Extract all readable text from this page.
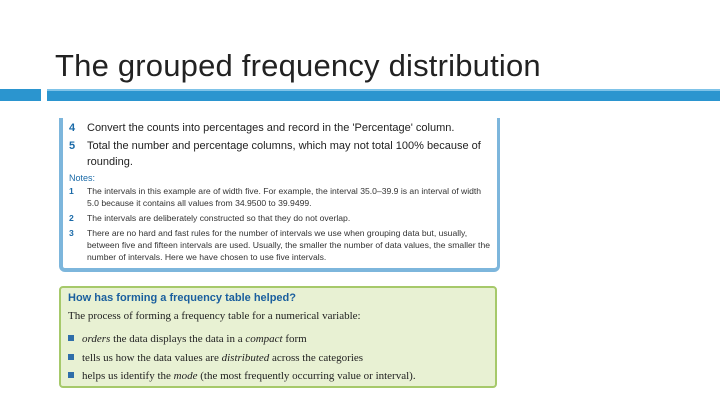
The grouped frequency distribution
4 Convert the counts into percentages and record in the 'Percentage' column.
5 Total the number and percentage columns, which may not total 100% because of rounding.
Notes:
1 The intervals in this example are of width five. For example, the interval 35.0–39.9 is an interval of width 5.0 because it contains all values from 34.9500 to 39.9499.
2 The intervals are deliberately constructed so that they do not overlap.
3 There are no hard and fast rules for the number of intervals we use when grouping data but, usually, between five and fifteen intervals are used. Usually, the smaller the number of data values, the smaller the number of intervals. Here we have chosen to use five intervals.
How has forming a frequency table helped?
The process of forming a frequency table for a numerical variable:
orders the data displays the data in a compact form
tells us how the data values are distributed across the categories
helps us identify the mode (the most frequently occurring value or interval).
